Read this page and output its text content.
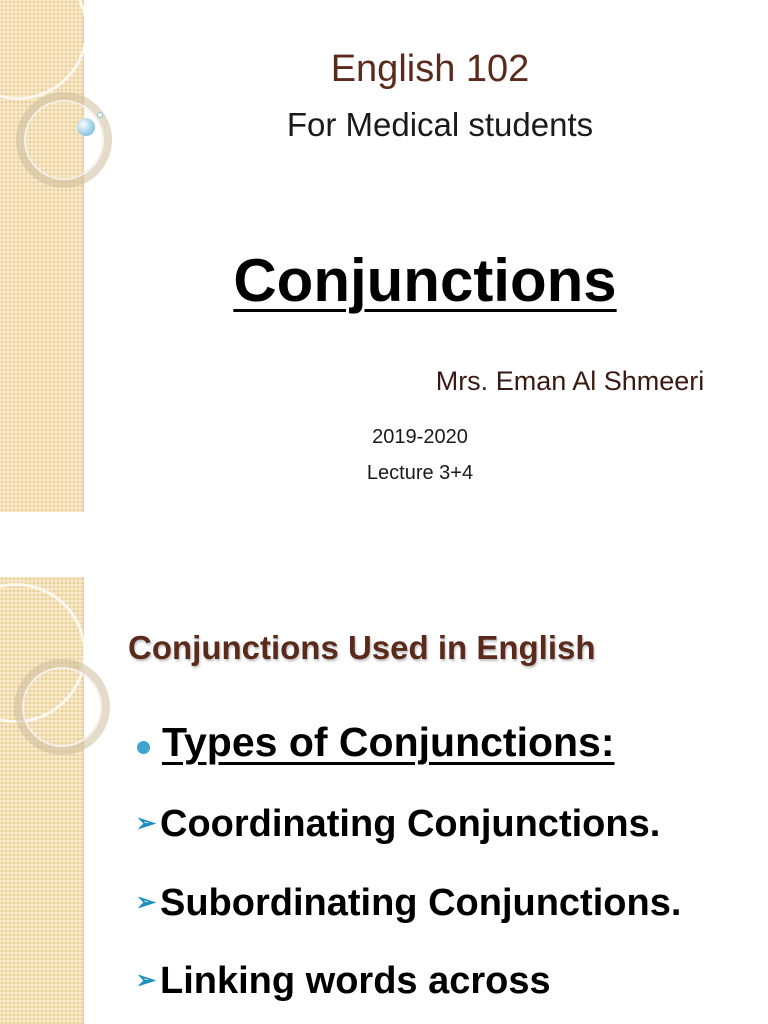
English 102
For Medical students
Conjunctions
Mrs. Eman Al Shmeeri
2019-2020
Lecture 3+4
Conjunctions Used in English
Types of Conjunctions:
➢ Coordinating Conjunctions.
➢ Subordinating Conjunctions.
➢ Linking words across
